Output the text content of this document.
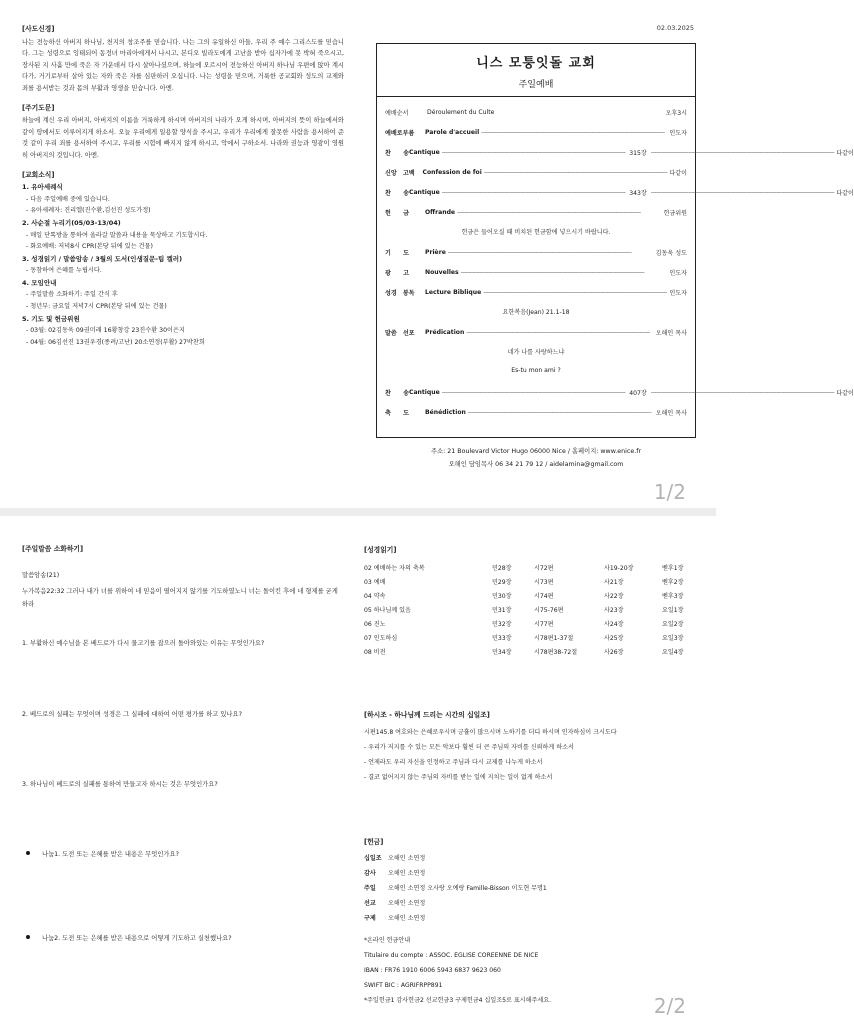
02.03.2025
[사도신경]
나는 전능하신 아버지 하나님, 천지의 창조주를 믿습니다. 나는 그의 유일하신 아들, 우리 주 예수 그리스도를 믿습니다. 그는 성령으로 잉태되어 동정녀 마리아에게서 나시고, 본디오 빌라도에게 고난을 받아 십자가에 못 박혀 죽으시고, 장사된 지 사흘 만에 죽은 자 가운데서 다시 살아나셨으며, 하늘에 오르시어 전능하신 아버지 하나님 우편에 앉아 계시다가, 거기로부터 살아 있는 자와 죽은 자를 심판하러 오십니다. 나는 성령을 믿으며, 거룩한 공교회와 성도의 교제와 죄를 용서받는 것과 몸의 부활과 영생을 믿습니다. 아멘.
[주기도문]
하늘에 계신 우리 아버지, 아버지의 이름을 거룩하게 하시며 아버지의 나라가 오게 하시며, 아버지의 뜻이 하늘에서와 같이 땅에서도 이루어지게 하소서. 오늘 우리에게 일용할 양식을 주시고, 우리가 우리에게 잘못한 사람을 용서하여 준 것 같이 우리 죄를 용서하여 주시고, 우리를 시험에 빠지지 않게 하시고, 악에서 구하소서. 나라와 권능과 영광이 영원히 아버지의 것입니다. 아멘.
[교회소식]
1. 유아세례식
- 다음 주일예배 중에 있습니다.
- 유아세례자: 진리엘(진수환,김선진 성도가정)
2. 사순절 누리기(05/03-13/04)
- 매일 단톡방을 통하여 올라갈 말씀과 내용을 묵상하고 기도합시다.
- 화요예배: 저녁8시 CPR(본당 뒤에 있는 건물)
3. 성경읽기 / 말씀암송 / 3월의 도서(인생질문-팀 켈러)
- 동참하여 은혜를 누립시다.
4. 모임안내
- 주일말씀 소화하기: 주일 간식 후
- 청년부: 금요일 저녁7시 CPR(본당 뒤에 있는 건물)
5. 기도 및 헌금위원
- 03월: 02김동욱 09권미래 16황창강 23진수환 30이은지
- 04월: 06김선진 13권우경(종려/고난) 20소연정(부활) 27박찬희
니스 모퉁잇돌 교회
주일예배
예배순서	Déroulement du Culte	오후3시
예배로부름	Parole d'accueil ------------------------------------------------------------------------------------------------------------ 인도자
찬　　송 Cantique ------------------------------------------------------------------------------------------------------------ 315장 ------------------------------------------------------------------------------------------------------------ 다같이
신앙　고백	Confession de foi ------------------------------------------------------------------------------------------------------------ 다같이
찬　　송 Cantique ------------------------------------------------------------------------------------------------------------ 343장 ------------------------------------------------------------------------------------------------------------ 다같이
헌　　금	Offrande ------------------------------------------------------------------------------------------------------------	헌금위원
헌금은 들어오실 때 비치된 헌금함에 넣으시기 바랍니다.
기　　도	Prière ------------------------------------------------------------------------------------------------------------	김동욱 성도
광　　고	Nouvelles ------------------------------------------------------------------------------------------------------------	인도자
성경　봉독	Lecture Biblique ------------------------------------------------------------------------------------------------------------ 인도자
요한복음(Jean) 21.1-18
말씀　선포	Prédication ------------------------------------------------------------------------------------------------------------ 오해인 목사
네가 나를 사랑하느냐
Es-tu mon ami ?
찬　　송 Cantique ------------------------------------------------------------------------------------------------------------ 407장 ------------------------------------------------------------------------------------------------------------ 다같이
축　　도	Bénédiction ------------------------------------------------------------------------------------------------------------ 오해인 목사
주소: 21 Boulevard Victor Hugo 06000 Nice / 홈페이지: www.enice.fr
오해인 담임목사 06 34 21 79 12 / aidelamina@gmail.com
1/2
[주일말씀 소화하기]
말씀암송(21)
누가복음22:32 그러나 내가 너를 위하여 네 믿음이 떨어지지 않기를 기도하였노니 너는 돌이킨 후에 네 형제를 굳게 하라
1. 부활하신 예수님을 본 베드로가 다시 물고기를 잡으러 돌아와있는 이유는 무엇인가요?
2. 베드로의 실패는 무엇이며 성경은 그 실패에 대하여 어떤 평가를 하고 있나요?
3. 하나님이 베드로의 실패를 통하여 만들고자 하시는 것은 무엇인가요?
나눔1. 도전 또는 은혜를 받은 내용은 무엇인가요?
나눔2. 도전 또는 은혜를 받은 내용으로 어떻게 기도하고 실천했나요?
[성경읽기]
02 예배하는 자의 축복	민28장	시72편	사19-20장	벧후1장
03 예배	민29장	시73편	사21장	벧후2장
04 약속	민30장	시74편	사22장	벧후3장
05 하나님께 있음	민31장	시75-76편	사23장	요일1장
06 진노	민32장	시77편	사24장	요일2장
07 인도하심	민33장	시78편1-37절	사25장	요일3장
08 비전	민34장	시78편38-72절	사26장	요일4장
[하시조 - 하나님께 드리는 시간의 십일조]
시편145.8 여호와는 은혜로우시며 긍휼이 많으시며 노하기를 더디 하시며 인자하심이 크시도다
- 우리가 저지를 수 있는 모든 악보다 훨씬 더 큰 주님의 자비를 신뢰하게 하소서
- 언제라도 우리 자신을 인정하고 주님과 다시 교제를 나누게 하소서
- 결코 없어지지 않는 주님의 자비를 받는 일에 지치는 일이 없게 하소서
[헌금]
십일조	오해인 소연정
감사	오해인 소연정
주일	오해인 소연정 오사랑 오예랑 Famille-Bisson 이도현 무명1
선교	오해인 소연정
구제	오해인 소연정
*온라인 헌금안내
Titulaire du compte : ASSOC. EGLISE COREENNE DE NICE
IBAN : FR76 1910 6006 5943 6837 9623 060
SWIFT BIC : AGRIFRPP891
*주일헌금1 감사헌금2 선교헌금3 구제헌금4 십일조5로 표시해주세요.	2/2
